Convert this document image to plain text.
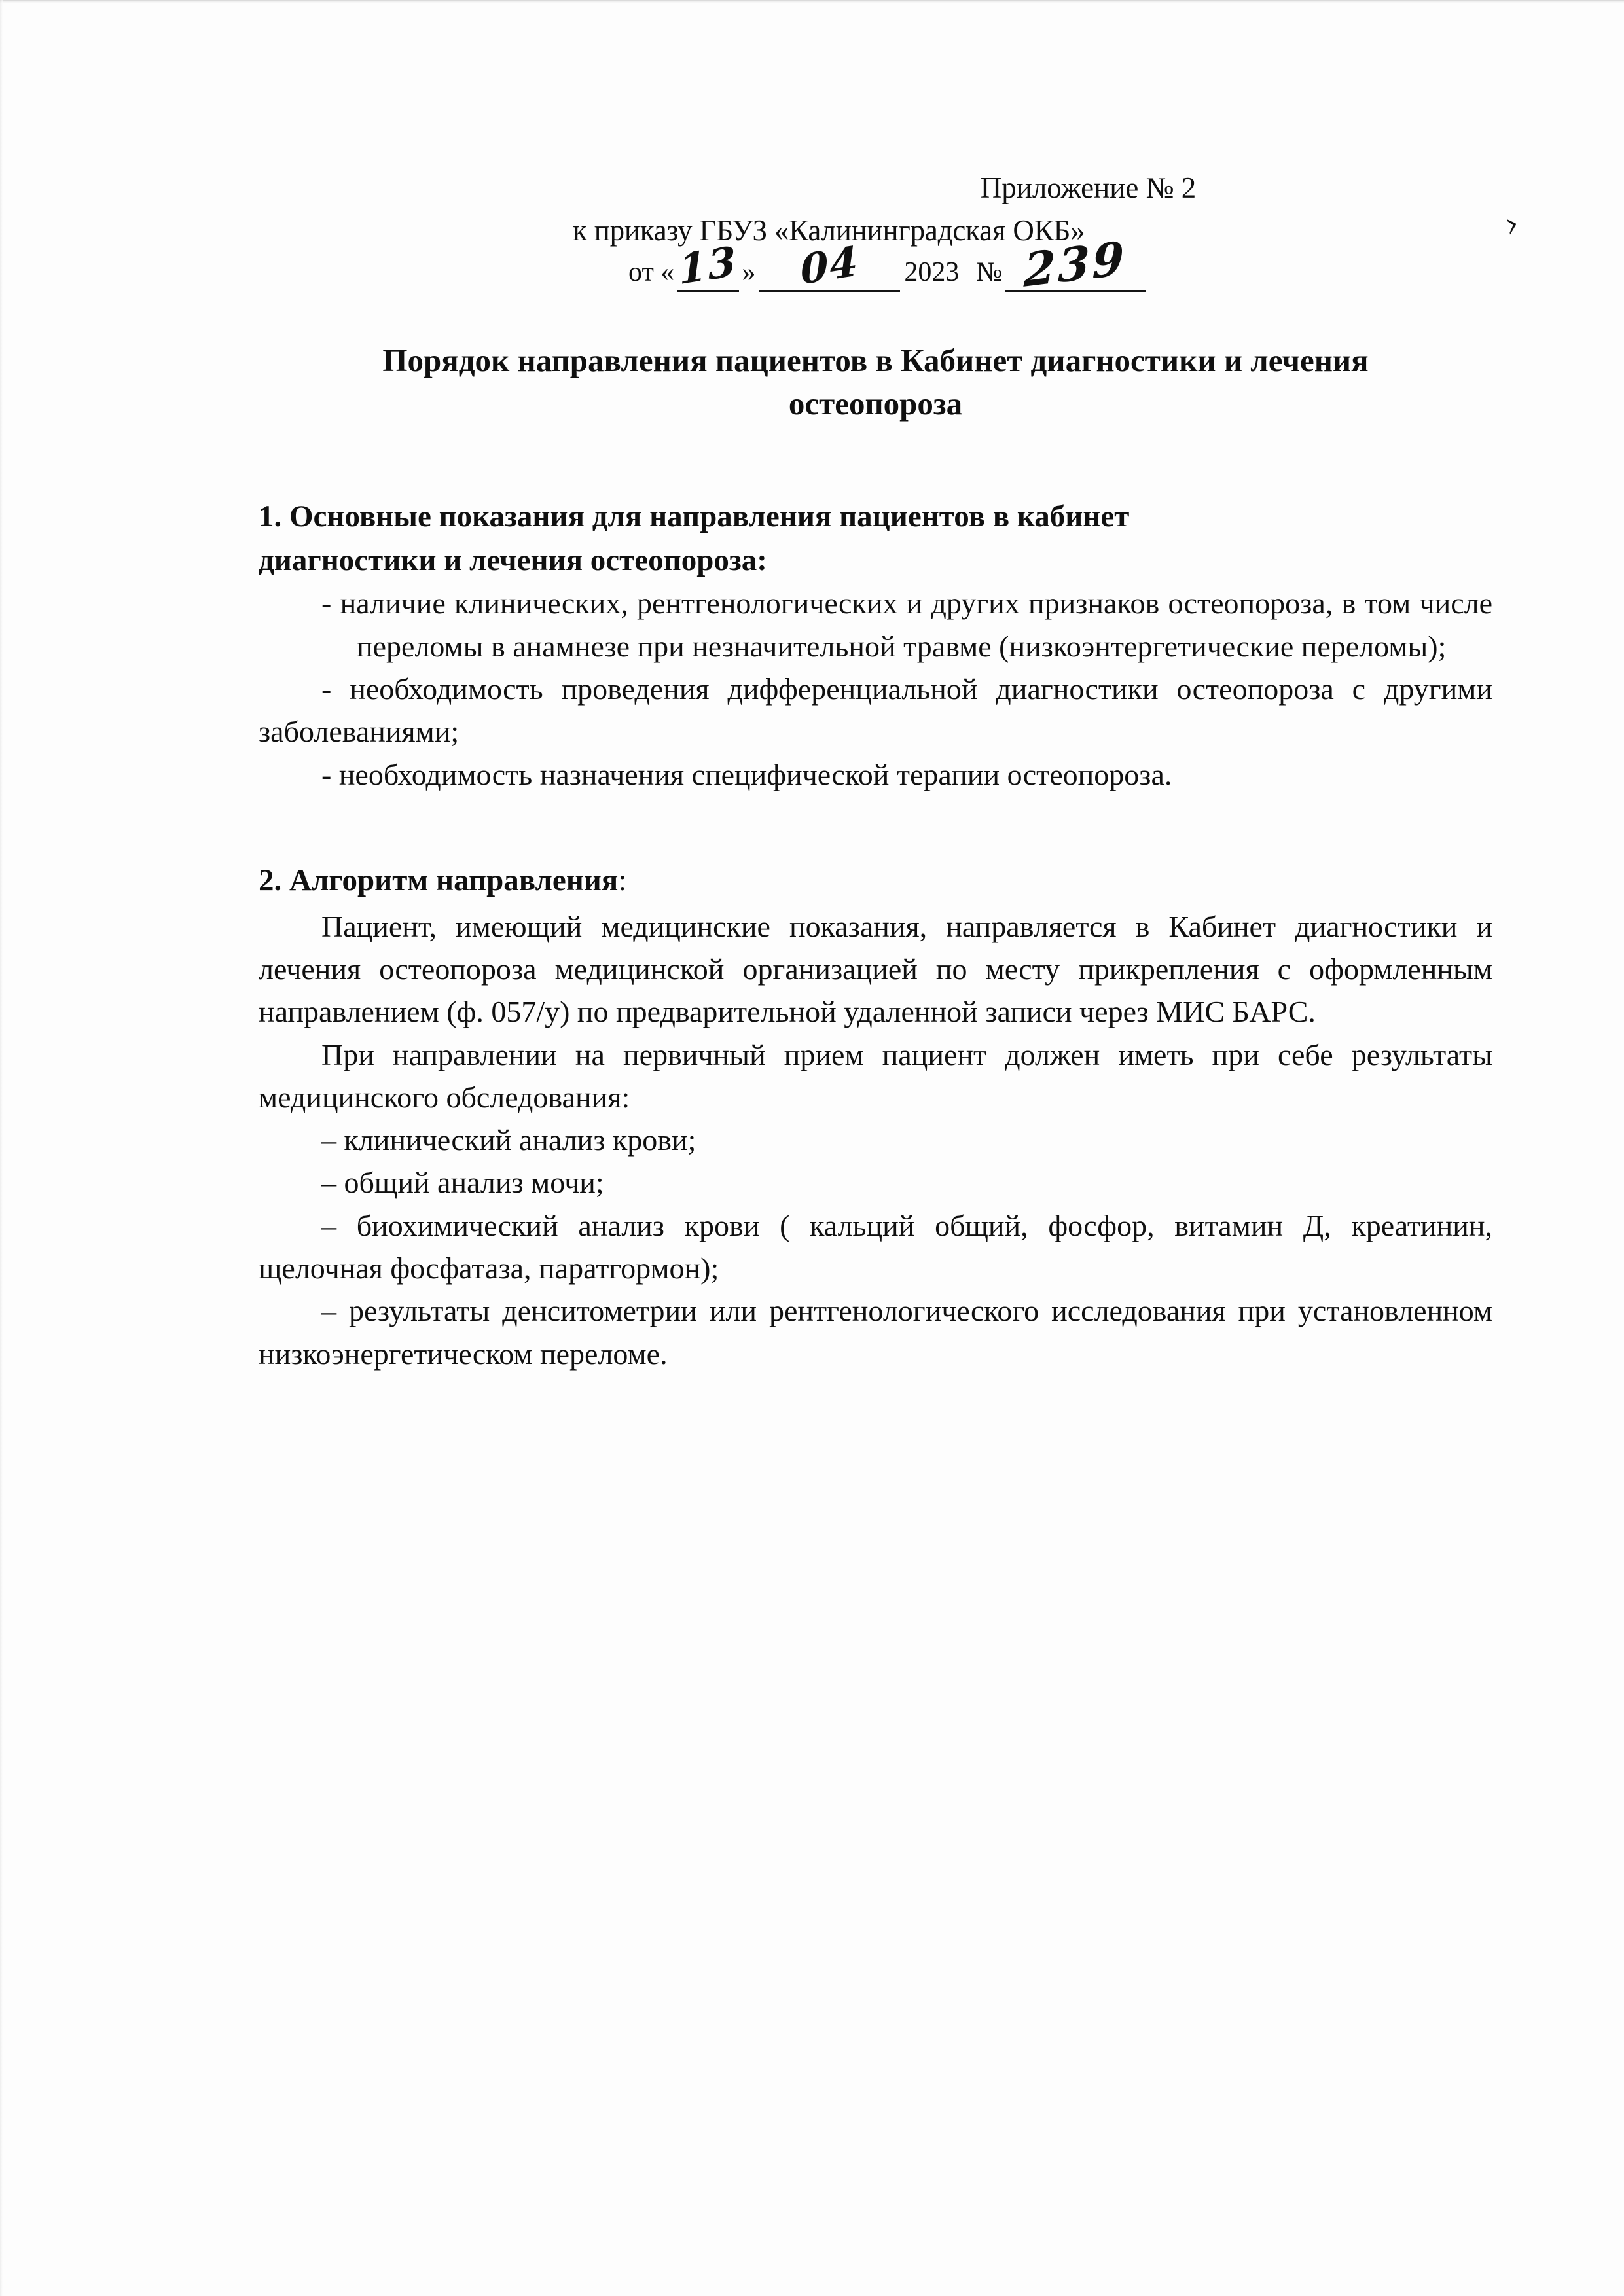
Приложение № 2
к приказу ГБУЗ «Калининградская ОКБ»	›
от « 13 »	04	2023 № 239
Порядок направления пациентов в Кабинет диагностики и лечения
остеопороза
1. Основные показания для направления пациентов в кабинет
диагностики и лечения остеопороза:

- наличие клинических, рентгенологических и других признаков остеопороза, в том числепереломы в анамнезе при незначительной травме (низкоэнтергетические переломы);

- необходимость проведения дифференциальной диагностики остеопороза с другими заболеваниями;

- необходимость назначения специфической терапии остеопороза.

2. Алгоритм направления:

Пациент, имеющий медицинские показания, направляется в Кабинет диагностики и лечения остеопороза медицинской организацией по месту прикрепления с оформленным направлением (ф. 057/у) по предварительной удаленной записи через МИС БАРС.

При направлении на первичный прием пациент должен иметь при себе результаты медицинского обследования:

– клинический анализ крови;

– общий анализ мочи;

– биохимический анализ крови ( кальций общий, фосфор, витамин Д, креатинин, щелочная фосфатаза, паратгормон);

– результаты денситометрии или рентгенологического исследования при установленном низкоэнергетическом переломе.
